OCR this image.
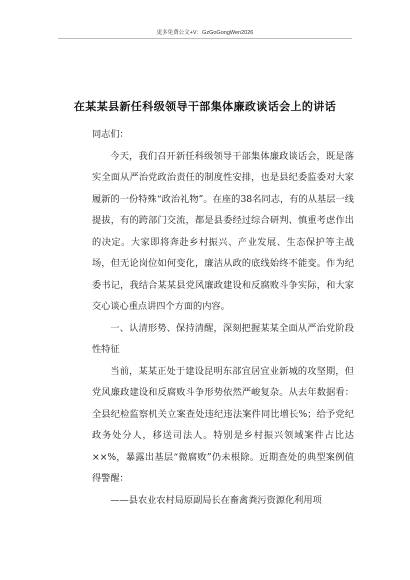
更多免费公文+V：GzGoGongWen2026
在某某县新任科级领导干部集体廉政谈话会上的讲话

同志们：

今天，我们召开新任科级领导干部集体廉政谈话会，既是落实全面从严治党政治责任的制度性安排，也是县纪委监委对大家履新的一份特殊“政治礼物”。在座的38名同志，有的从基层一线提拔，有的跨部门交流，都是县委经过综合研判、慎重考虑作出的决定。大家即将奔赴乡村振兴、产业发展、生态保护等主战场，但无论岗位如何变化，廉洁从政的底线始终不能变。作为纪委书记，我结合某某县党风廉政建设和反腐败斗争实际，和大家交心谈心重点讲四个方面的内容。

一、认清形势、保持清醒，深刻把握某某全面从严治党阶段性特征

当前，某某正处于建设昆明东部宜居宜业新城的攻坚期，但党风廉政建设和反腐败斗争形势依然严峻复杂。从去年数据看：全县纪检监察机关立案查处违纪违法案件同比增长%；给予党纪政务处分人，移送司法人。特别是乡村振兴领域案件占比达××%，暴露出基层“微腐败”仍未根除。近期查处的典型案例值得警醒：

——县农业农村局原副局长在畜禽粪污资源化利用项
